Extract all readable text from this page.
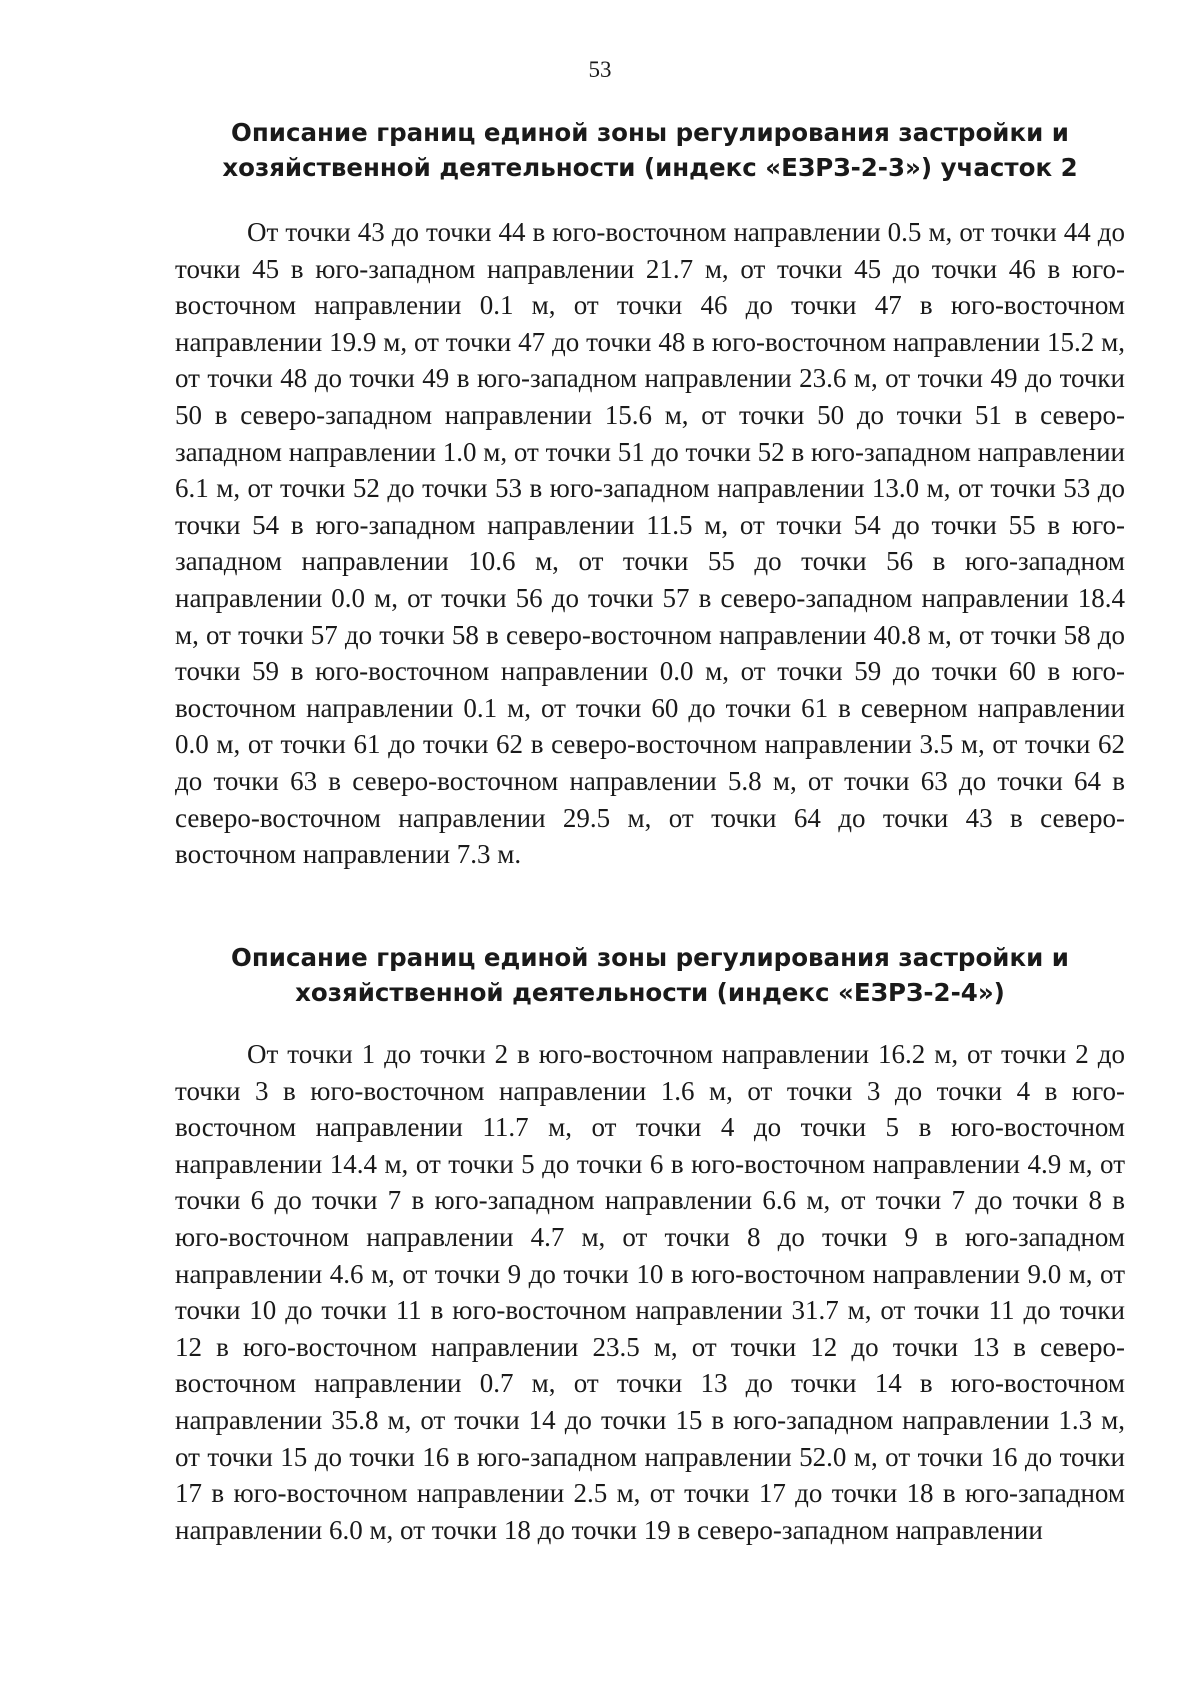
53
Описание границ единой зоны регулирования застройки и хозяйственной деятельности (индекс «ЕЗРЗ-2-3») участок 2

От точки 43 до точки 44 в юго-восточном направлении 0.5 м, от точки 44 до точки 45 в юго-западном направлении 21.7 м, от точки 45 до точки 46 в юго-восточном направлении 0.1 м, от точки 46 до точки 47 в юго-восточном направлении 19.9 м, от точки 47 до точки 48 в юго-восточном направлении 15.2 м, от точки 48 до точки 49 в юго-западном направлении 23.6 м, от точки 49 до точки 50 в северо-западном направлении 15.6 м, от точки 50 до точки 51 в северо-западном направлении 1.0 м, от точки 51 до точки 52 в юго-западном направлении 6.1 м, от точки 52 до точки 53 в юго-западном направлении 13.0 м, от точки 53 до точки 54 в юго-западном направлении 11.5 м, от точки 54 до точки 55 в юго-западном направлении 10.6 м, от точки 55 до точки 56 в юго-западном направлении 0.0 м, от точки 56 до точки 57 в северо-западном направлении 18.4 м, от точки 57 до точки 58 в северо-восточном направлении 40.8 м, от точки 58 до точки 59 в юго-восточном направлении 0.0 м, от точки 59 до точки 60 в юго-восточном направлении 0.1 м, от точки 60 до точки 61 в северном направлении 0.0 м, от точки 61 до точки 62 в северо-восточном направлении 3.5 м, от точки 62 до точки 63 в северо-восточном направлении 5.8 м, от точки 63 до точки 64 в северо-восточном направлении 29.5 м, от точки 64 до точки 43 в северо-восточном направлении 7.3 м.

Описание границ единой зоны регулирования застройки и хозяйственной деятельности (индекс «ЕЗРЗ-2-4»)

От точки 1 до точки 2 в юго-восточном направлении 16.2 м, от точки 2 до точки 3 в юго-восточном направлении 1.6 м, от точки 3 до точки 4 в юго-восточном направлении 11.7 м, от точки 4 до точки 5 в юго-восточном направлении 14.4 м, от точки 5 до точки 6 в юго-восточном направлении 4.9 м, от точки 6 до точки 7 в юго-западном направлении 6.6 м, от точки 7 до точки 8 в юго-восточном направлении 4.7 м, от точки 8 до точки 9 в юго-западном направлении 4.6 м, от точки 9 до точки 10 в юго-восточном направлении 9.0 м, от точки 10 до точки 11 в юго-восточном направлении 31.7 м, от точки 11 до точки 12 в юго-восточном направлении 23.5 м, от точки 12 до точки 13 в северо-восточном направлении 0.7 м, от точки 13 до точки 14 в юго-восточном направлении 35.8 м, от точки 14 до точки 15 в юго-западном направлении 1.3 м, от точки 15 до точки 16 в юго-западном направлении 52.0 м, от точки 16 до точки 17 в юго-восточном направлении 2.5 м, от точки 17 до точки 18 в юго-западном направлении 6.0 м, от точки 18 до точки 19 в северо-западном направлении
